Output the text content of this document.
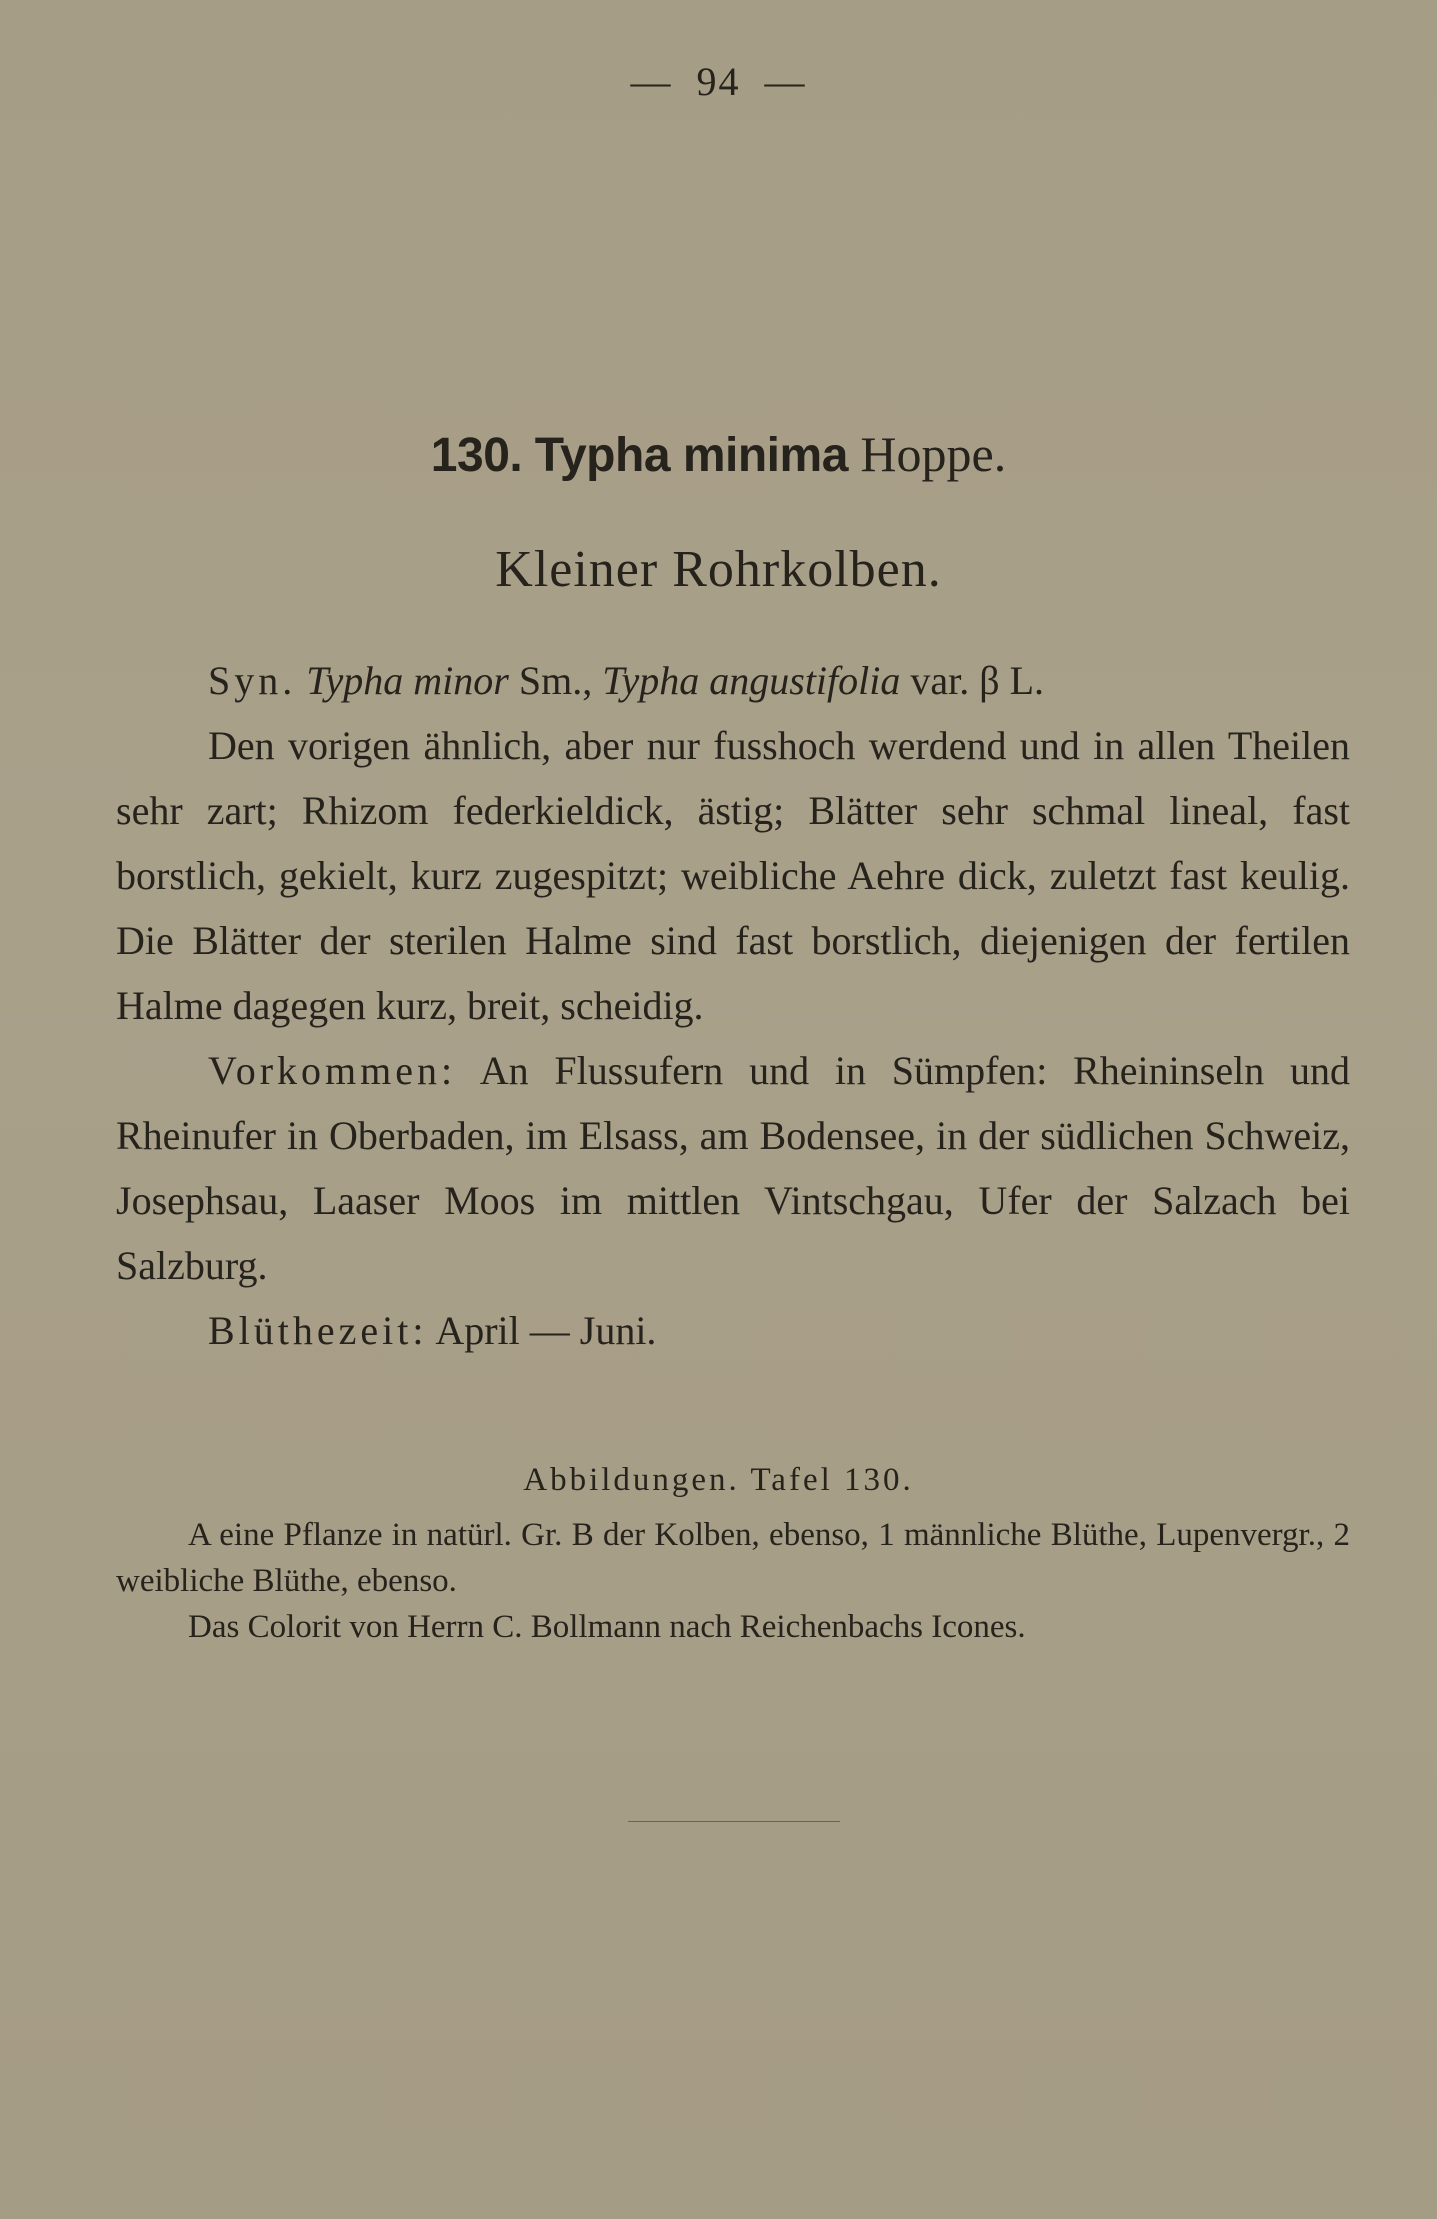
— 94 —
130. Typha minima Hoppe.
Kleiner Rohrkolben.

Syn. Typha minor Sm., Typha angustifolia var. β L.

Den vorigen ähnlich, aber nur fusshoch werdend und in allen Theilen sehr zart; Rhizom federkieldick, ästig; Blätter sehr schmal lineal, fast borstlich, gekielt, kurz zugespitzt; weibliche Aehre dick, zuletzt fast keulig. Die Blätter der sterilen Halme sind fast borstlich, diejenigen der fertilen Halme dagegen kurz, breit, scheidig.

Vorkommen: An Flussufern und in Sümpfen: Rheininseln und Rheinufer in Oberbaden, im Elsass, am Bodensee, in der südlichen Schweiz, Josephsau, Laaser Moos im mittlen Vintschgau, Ufer der Salzach bei Salzburg.

Blüthezeit: April — Juni.

Abbildungen. Tafel 130.

A eine Pflanze in natürl. Gr. B der Kolben, ebenso, 1 männliche Blüthe, Lupenvergr., 2 weibliche Blüthe, ebenso.

Das Colorit von Herrn C. Bollmann nach Reichenbachs Icones.
